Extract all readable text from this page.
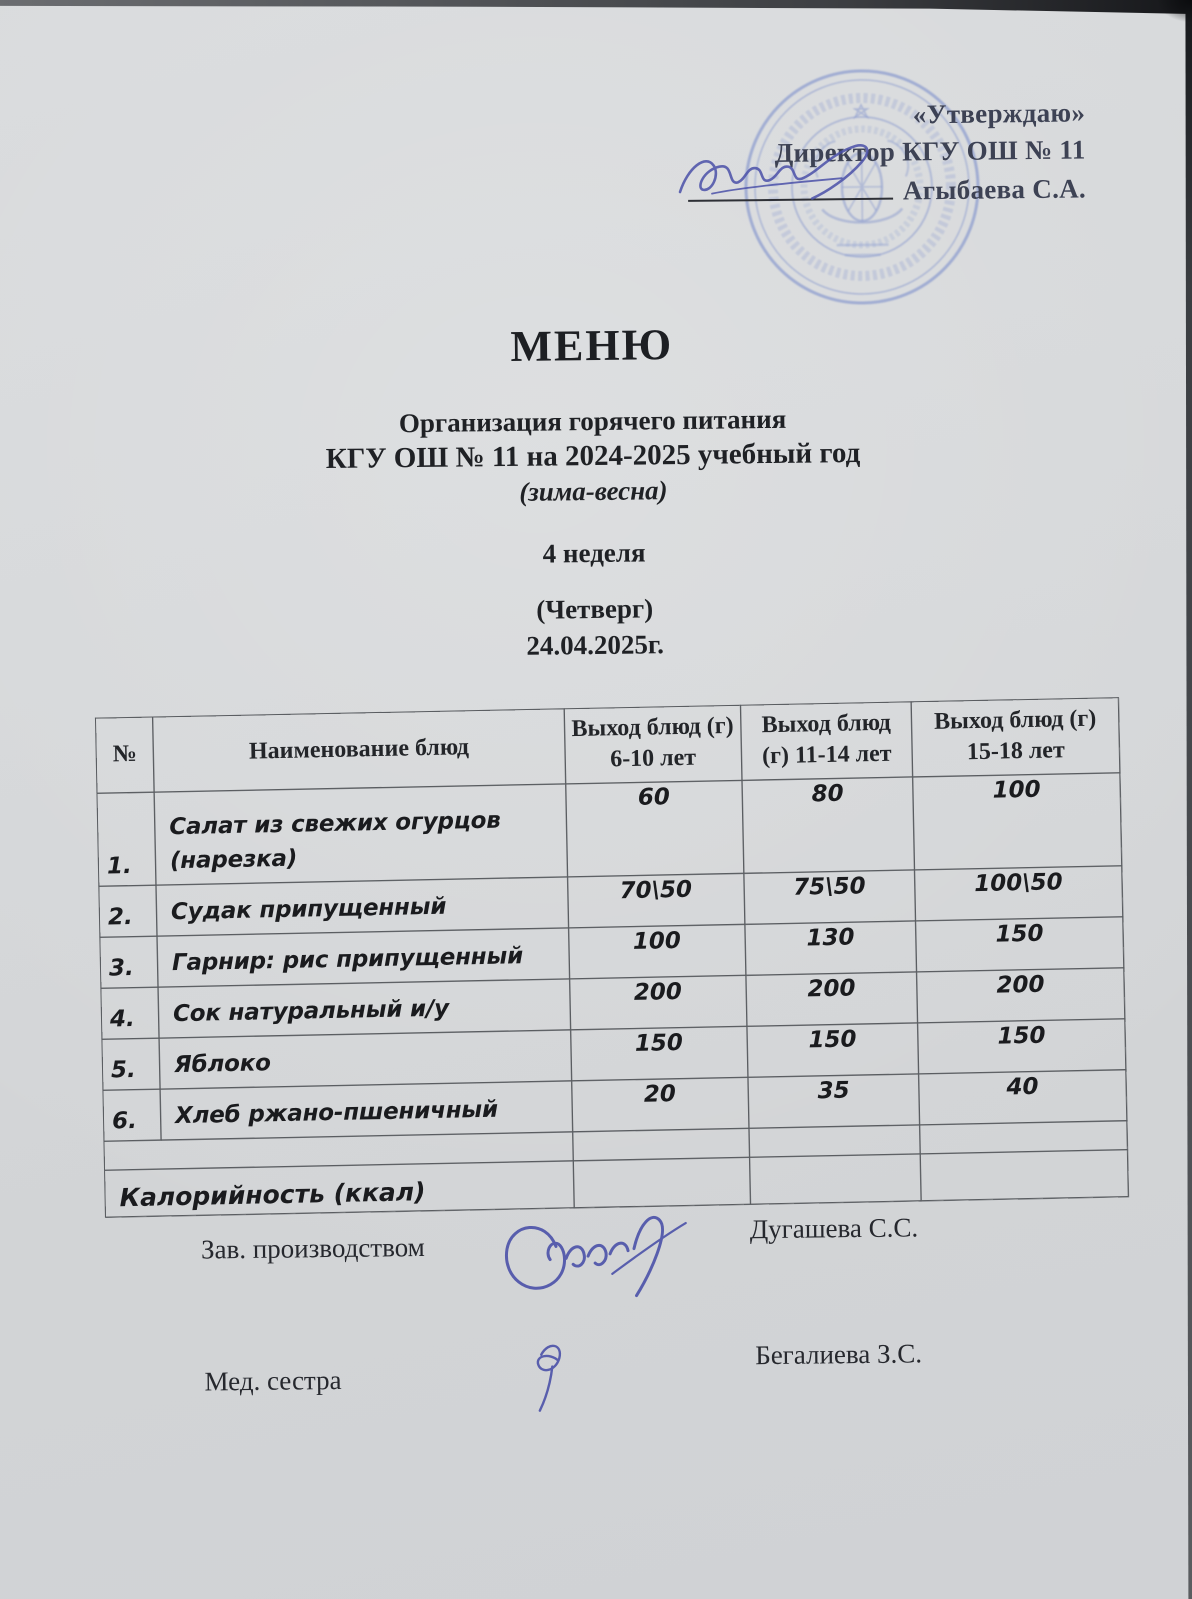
«Утверждаю»
Директор КГУ ОШ № 11
Агыбаева С.А.
МЕНЮ
Организация горячего питания
КГУ ОШ № 11 на 2024-2025 учебный год
(зима-весна)
4 неделя
(Четверг)
24.04.2025г.
№	Наименование блюд	Выход блюд (г) 6-10 лет	Выход блюд (г) 11-14 лет	Выход блюд (г) 15-18 лет
1.	Салат из свежих огурцов (нарезка)	60	80	100
2.	Судак припущенный	70\50	75\50	100\50
3.	Гарнир: рис припущенный	100	130	150
4.	Сок натуральный и/у	200	200	200
5.	Яблоко	150	150	150
6.	Хлеб ржано-пшеничный	20	35	40

Калорийность (ккал)				
Зав. производством
Дугашева С.С.
Мед. сестра
Бегалиева З.С.
